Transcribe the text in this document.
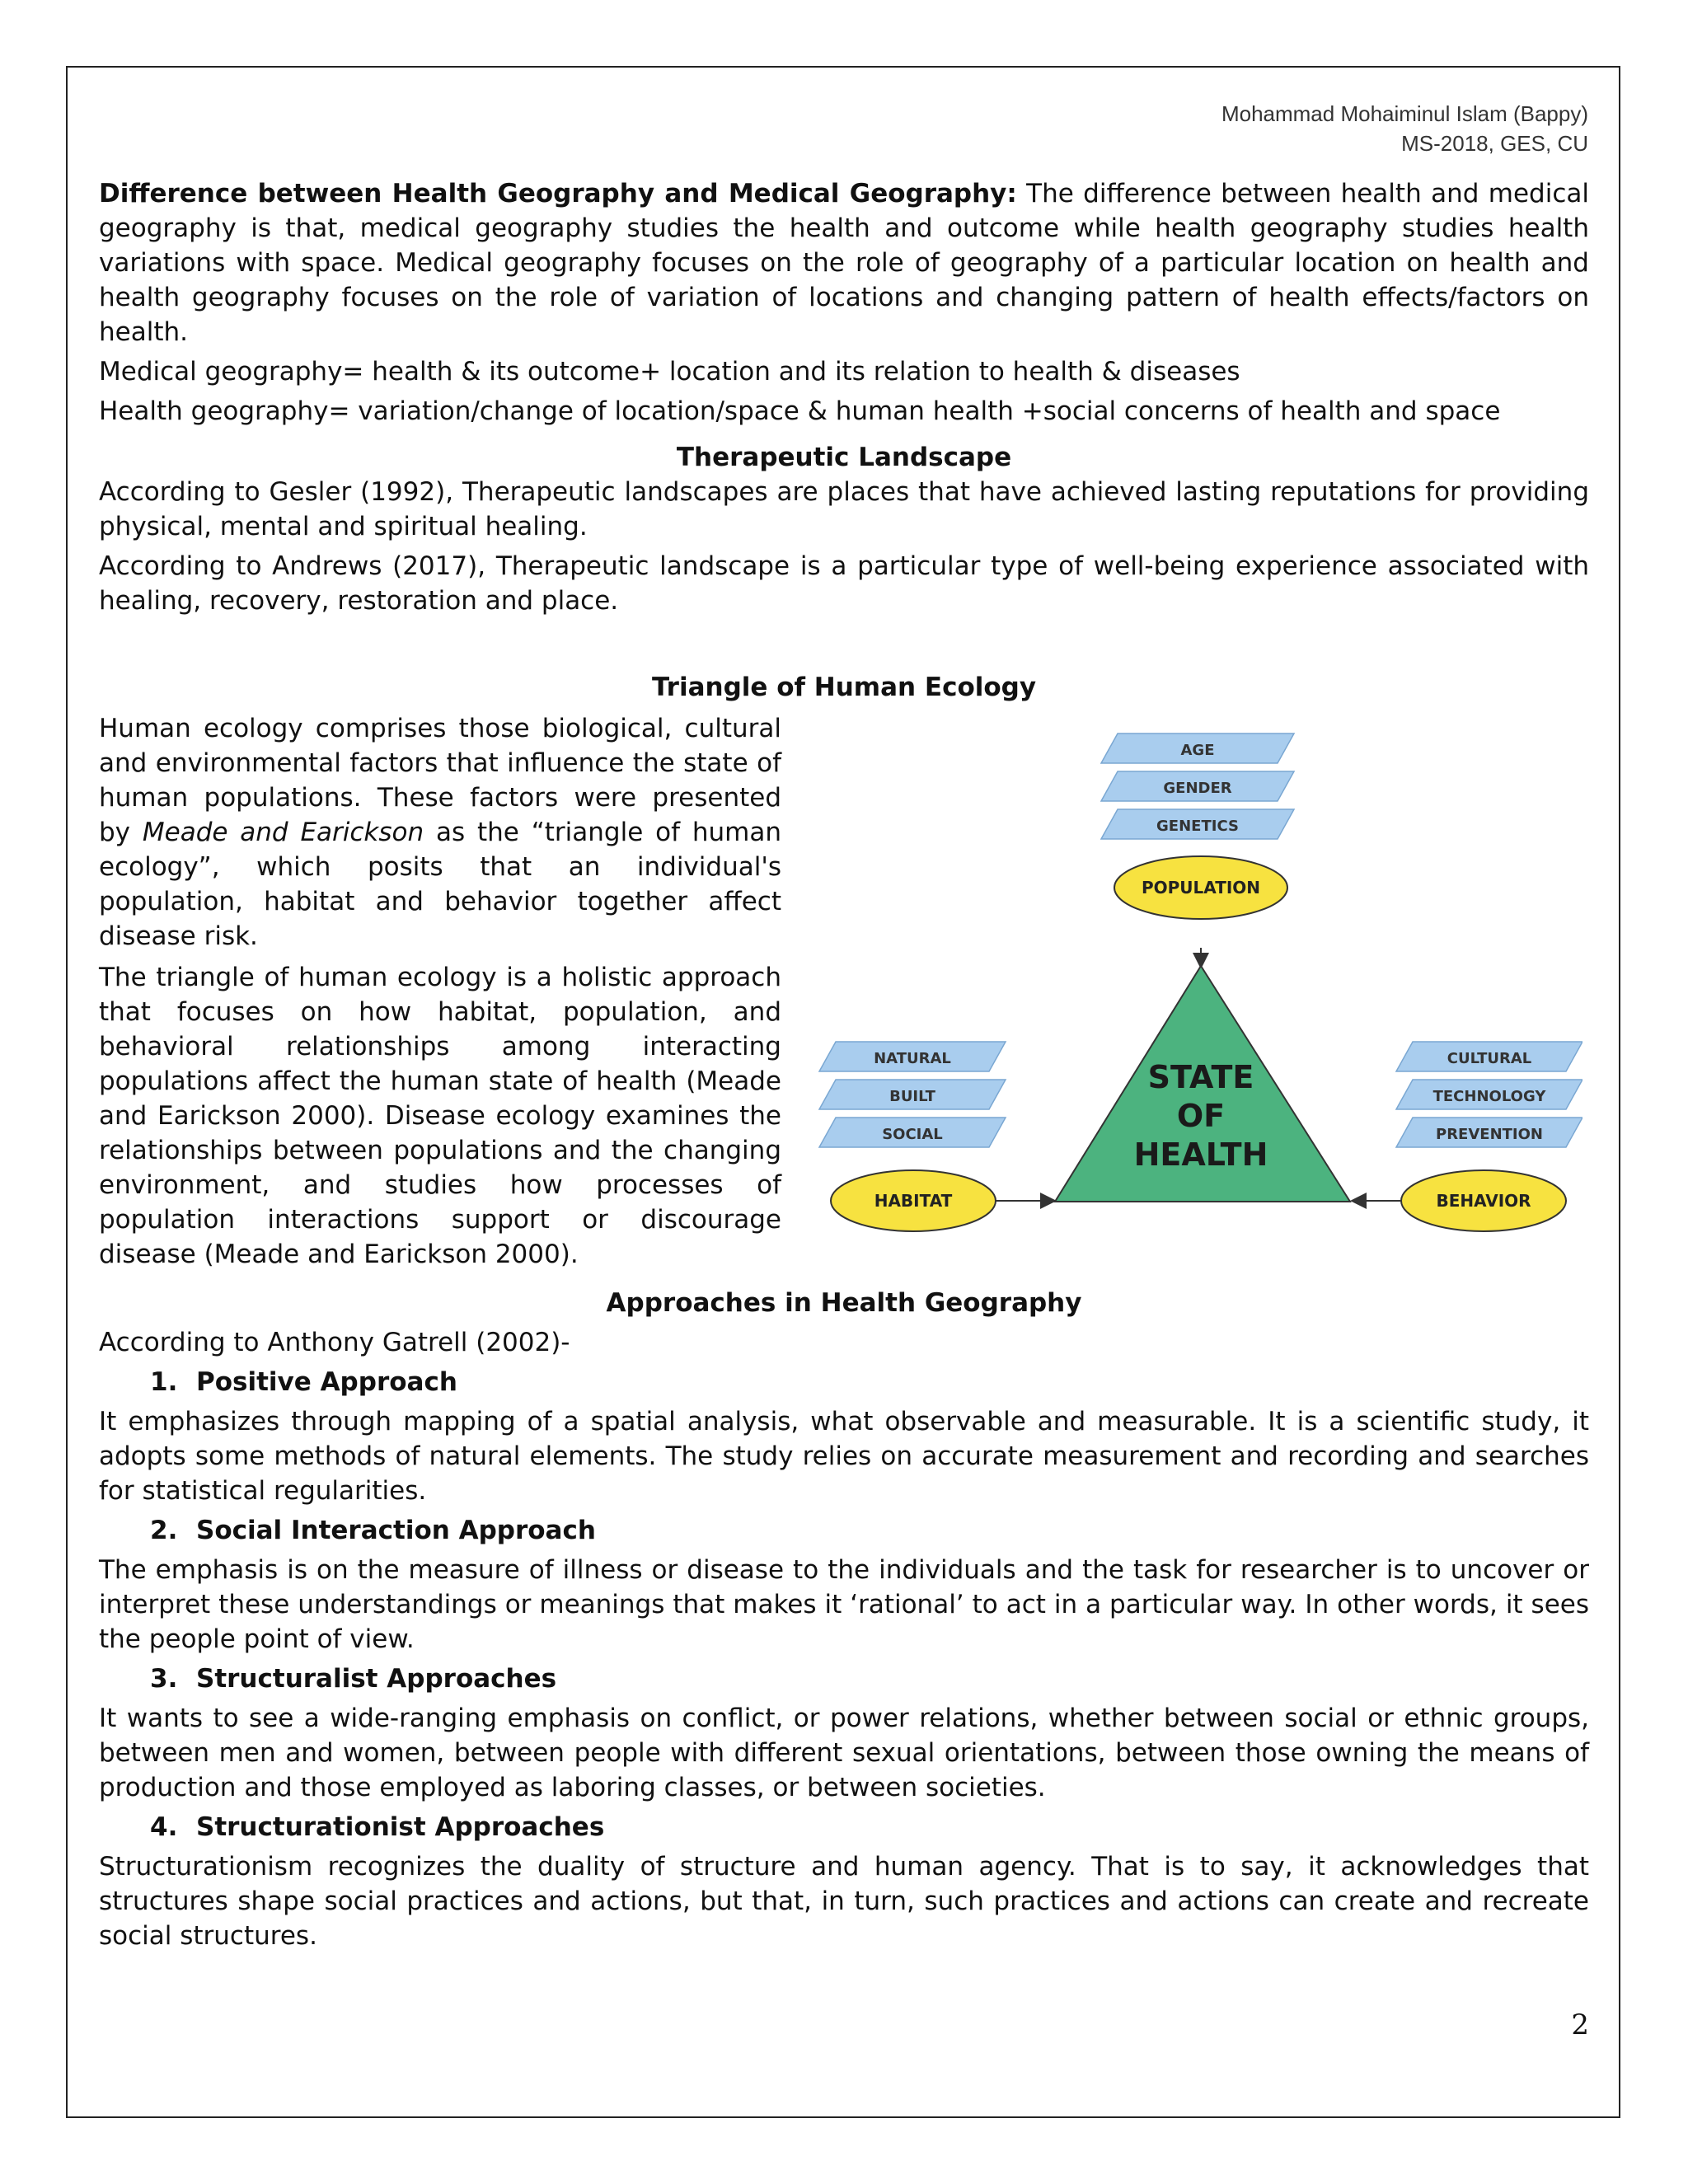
Mohammad Mohaiminul Islam (Bappy)
MS-2018, GES, CU

Difference between Health Geography and Medical Geography: The difference between health and medical geography is that, medical geography studies the health and outcome while health geography studies health variations with space. Medical geography focuses on the role of geography of a particular location on health and health geography focuses on the role of variation of locations and changing pattern of health effects/factors on health.

Medical geography= health & its outcome+ location and its relation to health & diseases

Health geography= variation/change of location/space & human health +social concerns of health and space

Therapeutic Landscape

According to Gesler (1992), Therapeutic landscapes are places that have achieved lasting reputations for providing physical, mental and spiritual healing.

According to Andrews (2017), Therapeutic landscape is a particular type of well-being experience associated with healing, recovery, restoration and place.

Triangle of Human Ecology

Human ecology comprises those biological, cultural and environmental factors that influence the state of human populations. These factors were presented by Meade and Earickson as the “triangle of human ecology”, which posits that an individual's population, habitat and behavior together affect disease risk.

The triangle of human ecology is a holistic approach that focuses on how habitat, population, and behavioral relationships among interacting populations affect the human state of health (Meade and Earickson 2000). Disease ecology examines the relationships between populations and the changing environment, and studies how processes of population interactions support or discourage disease (Meade and Earickson 2000).

STATE
OF
HEALTH
AGE
GENDER
GENETICS
POPULATION
NATURAL
BUILT
SOCIAL
HABITAT
CULTURAL
TECHNOLOGY
PREVENTION
BEHAVIOR
Approaches in Health Geography

According to Anthony Gatrell (2002)-

1. Positive Approach

It emphasizes through mapping of a spatial analysis, what observable and measurable. It is a scientific study, it adopts some methods of natural elements. The study relies on accurate measurement and recording and searches for statistical regularities.

2. Social Interaction Approach

The emphasis is on the measure of illness or disease to the individuals and the task for researcher is to uncover or interpret these understandings or meanings that makes it ‘rational’ to act in a particular way. In other words, it sees the people point of view.

3. Structuralist Approaches

It wants to see a wide-ranging emphasis on conflict, or power relations, whether between social or ethnic groups, between men and women, between people with different sexual orientations, between those owning the means of production and those employed as laboring classes, or between societies.

4. Structurationist Approaches

Structurationism recognizes the duality of structure and human agency. That is to say, it acknowledges that structures shape social practices and actions, but that, in turn, such practices and actions can create and recreate social structures.

2
